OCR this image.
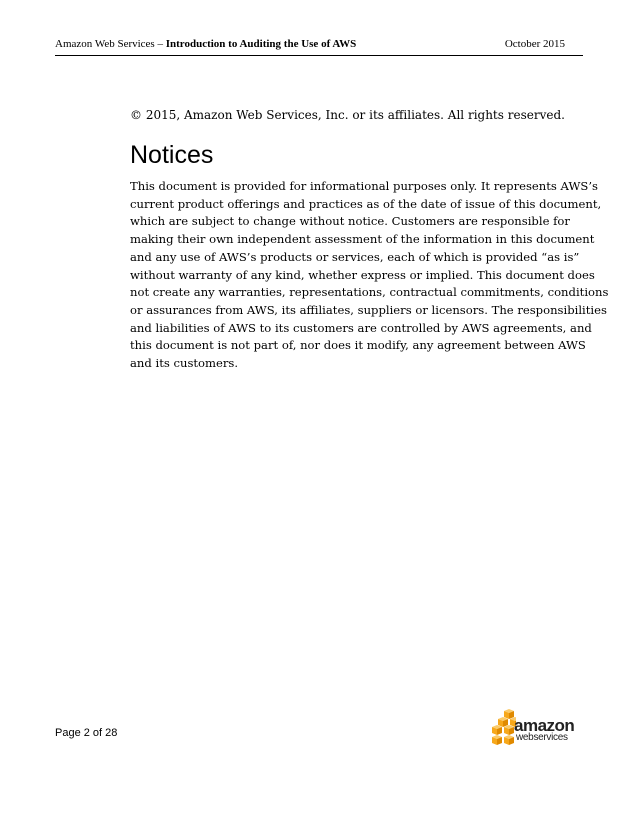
Amazon Web Services – Introduction to Auditing the Use of AWS	October 2015
© 2015, Amazon Web Services, Inc. or its affiliates. All rights reserved.
Notices

This document is provided for informational purposes only. It represents AWS’s
current product offerings and practices as of the date of issue of this document,
which are subject to change without notice. Customers are responsible for
making their own independent assessment of the information in this document
and any use of AWS’s products or services, each of which is provided “as is”
without warranty of any kind, whether express or implied. This document does
not create any warranties, representations, contractual commitments, conditions
or assurances from AWS, its affiliates, suppliers or licensors. The responsibilities
and liabilities of AWS to its customers are controlled by AWS agreements, and
this document is not part of, nor does it modify, any agreement between AWS
and its customers.

Page 2 of 28	amazon
webservices
